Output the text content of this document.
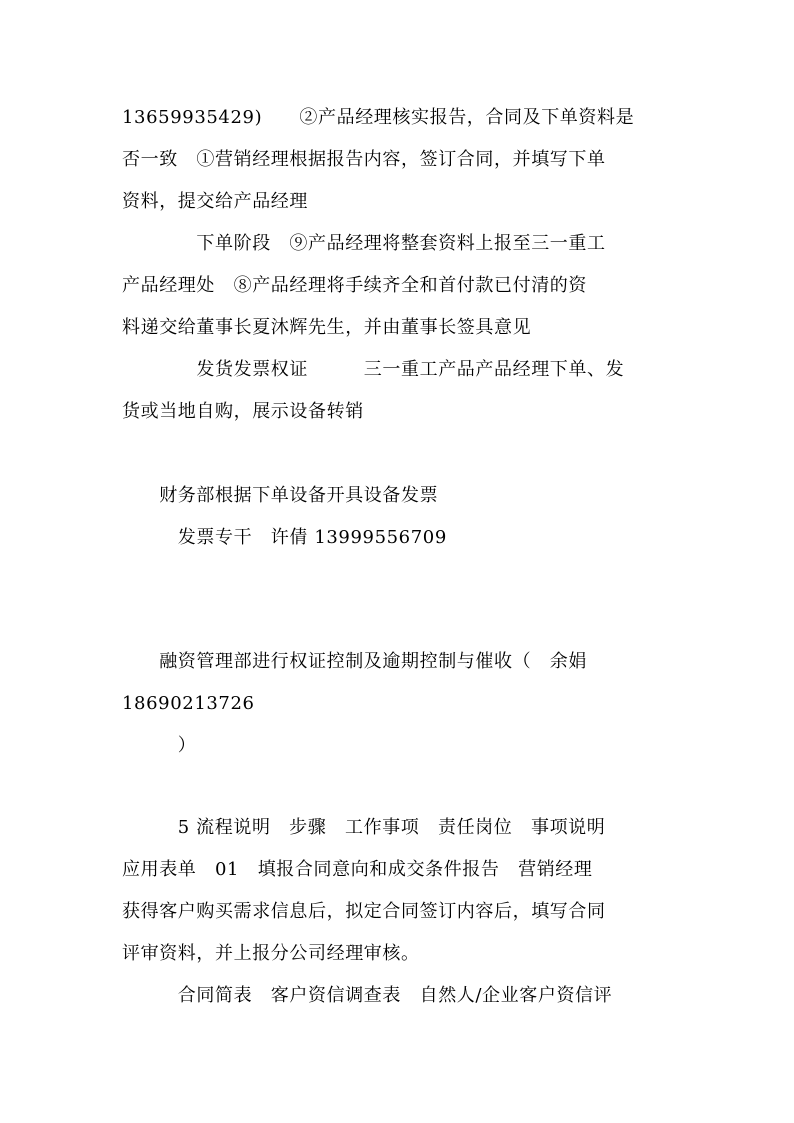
13659935429)　　②产品经理核实报告，合同及下单资料是
否一致　①营销经理根据报告内容，签订合同，并填写下单
资料，提交给产品经理
　　　　下单阶段　⑨产品经理将整套资料上报至三一重工
产品经理处　⑧产品经理将手续齐全和首付款已付清的资
料递交给董事长夏沐辉先生，并由董事长签具意见
　　　　发货发票权证　　　三一重工产品产品经理下单、发
货或当地自购，展示设备转销
　　财务部根据下单设备开具设备发票
　　　发票专干　许倩 13999556709
　　融资管理部进行权证控制及逾期控制与催收（　余娟
18690213726
　　　）
　　　5 流程说明　步骤　工作事项　责任岗位　事项说明
应用表单　01　填报合同意向和成交条件报告　营销经理
获得客户购买需求信息后，拟定合同签订内容后，填写合同
评审资料，并上报分公司经理审核。
　　　合同简表　客户资信调查表　自然人/企业客户资信评
